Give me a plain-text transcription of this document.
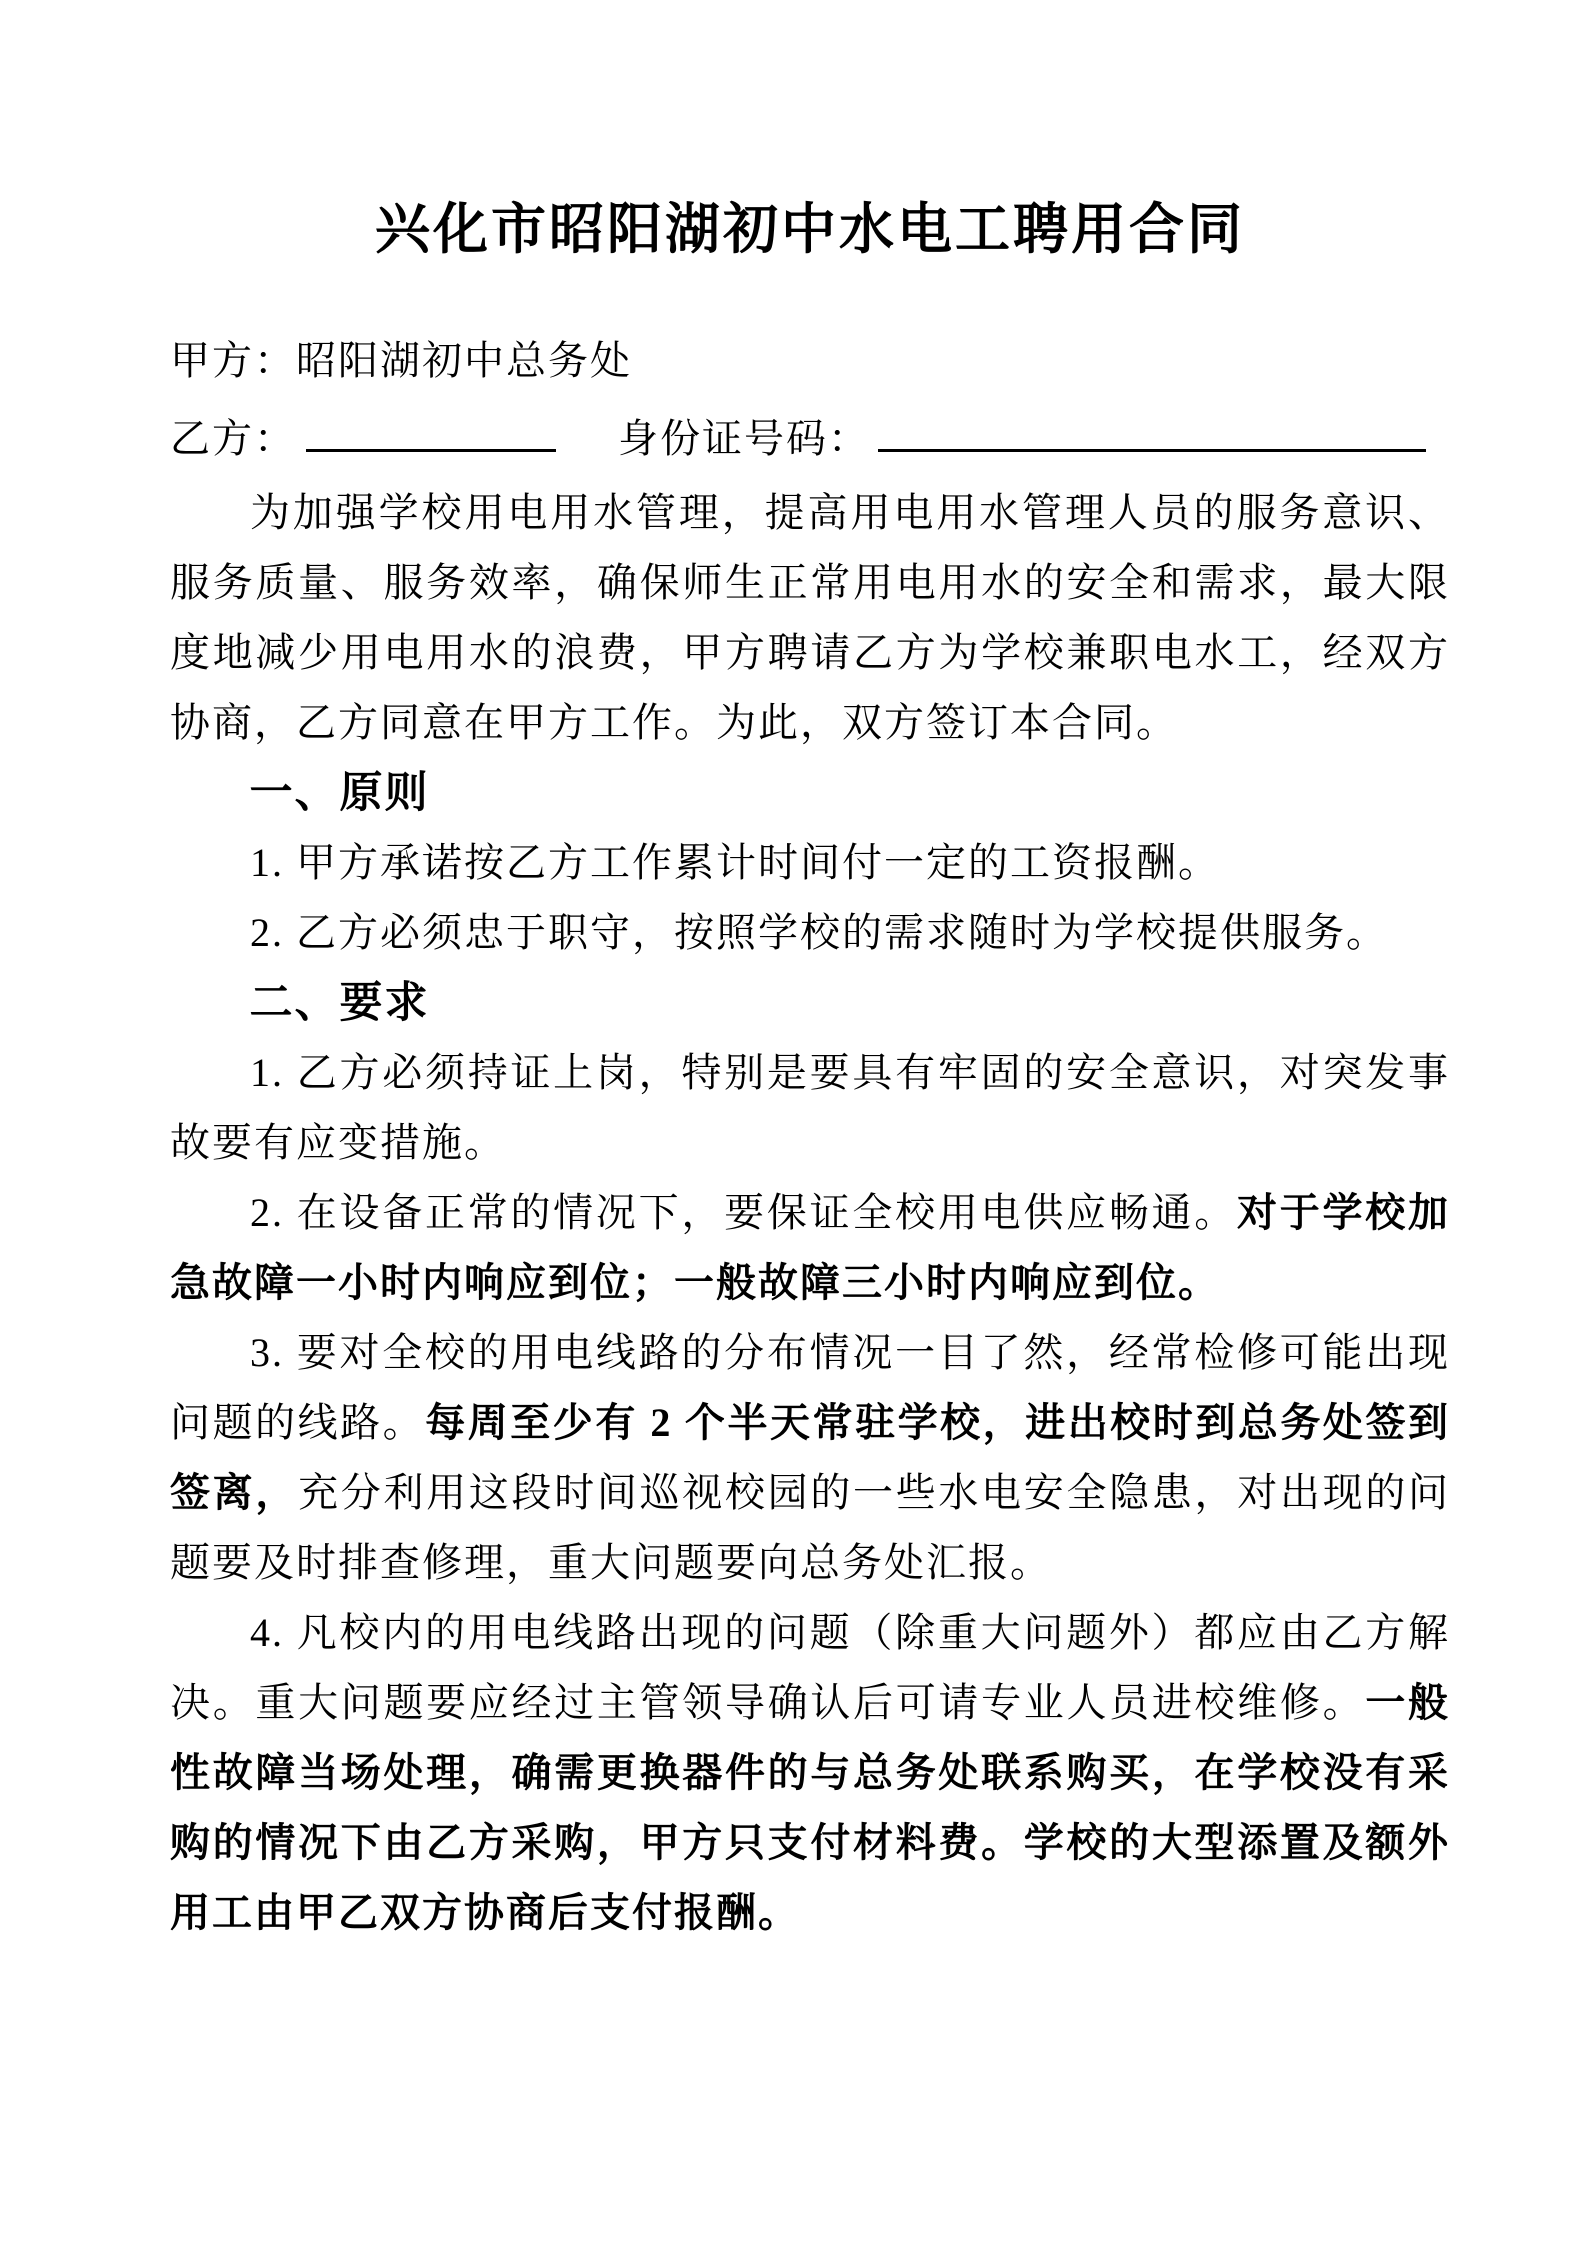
兴化市昭阳湖初中水电工聘用合同
甲方：昭阳湖初中总务处
乙方：	身份证号码：

为加强学校用电用水管理，提高用电用水管理人员的服务意识、服务质量、服务效率，确保师生正常用电用水的安全和需求，最大限度地减少用电用水的浪费，甲方聘请乙方为学校兼职电水工，经双方协商，乙方同意在甲方工作。为此，双方签订本合同。

一、原则

1. 甲方承诺按乙方工作累计时间付一定的工资报酬。

2. 乙方必须忠于职守，按照学校的需求随时为学校提供服务。

二、要求

1. 乙方必须持证上岗，特别是要具有牢固的安全意识，对突发事故要有应变措施。

2. 在设备正常的情况下，要保证全校用电供应畅通。对于学校加急故障一小时内响应到位；一般故障三小时内响应到位。

3. 要对全校的用电线路的分布情况一目了然，经常检修可能出现问题的线路。每周至少有 2 个半天常驻学校，进出校时到总务处签到签离，充分利用这段时间巡视校园的一些水电安全隐患，对出现的问题要及时排查修理，重大问题要向总务处汇报。

4. 凡校内的用电线路出现的问题（除重大问题外）都应由乙方解决。重大问题要应经过主管领导确认后可请专业人员进校维修。一般性故障当场处理，确需更换器件的与总务处联系购买，在学校没有采购的情况下由乙方采购，甲方只支付材料费。学校的大型添置及额外用工由甲乙双方协商后支付报酬。
